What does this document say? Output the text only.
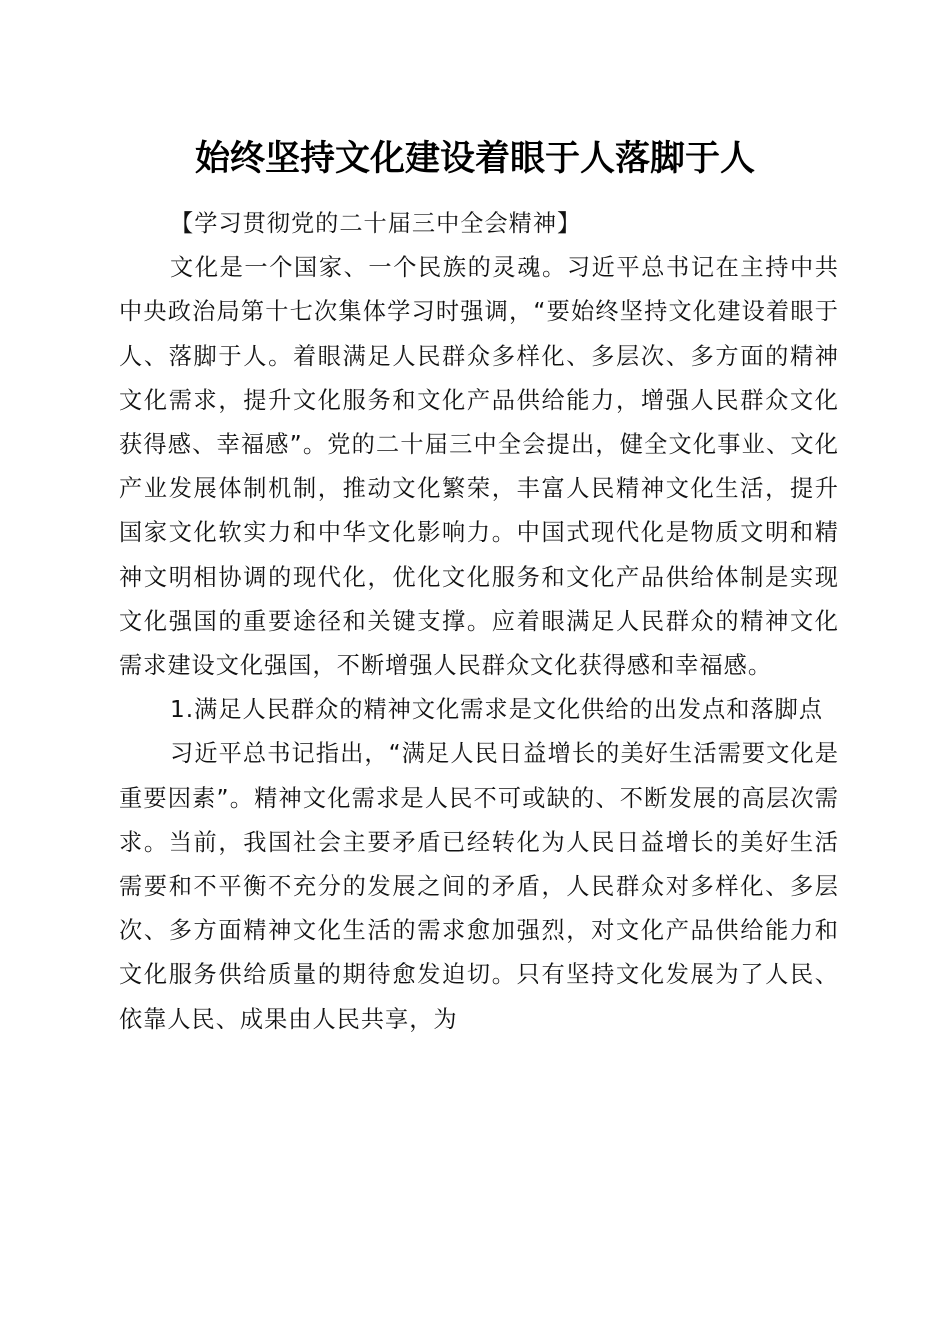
始终坚持文化建设着眼于人落脚于人

【学习贯彻党的二十届三中全会精神】

文化是一个国家、一个民族的灵魂。习近平总书记在主持中共中央政治局第十七次集体学习时强调，“要始终坚持文化建设着眼于人、落脚于人。着眼满足人民群众多样化、多层次、多方面的精神文化需求，提升文化服务和文化产品供给能力，增强人民群众文化获得感、幸福感”。党的二十届三中全会提出，健全文化事业、文化产业发展体制机制，推动文化繁荣，丰富人民精神文化生活，提升国家文化软实力和中华文化影响力。中国式现代化是物质文明和精神文明相协调的现代化，优化文化服务和文化产品供给体制是实现文化强国的重要途径和关键支撑。应着眼满足人民群众的精神文化需求建设文化强国，不断增强人民群众文化获得感和幸福感。

1.满足人民群众的精神文化需求是文化供给的出发点和落脚点

习近平总书记指出，“满足人民日益增长的美好生活需要文化是重要因素”。精神文化需求是人民不可或缺的、不断发展的高层次需求。当前，我国社会主要矛盾已经转化为人民日益增长的美好生活需要和不平衡不充分的发展之间的矛盾，人民群众对多样化、多层次、多方面精神文化生活的需求愈加强烈，对文化产品供给能力和文化服务供给质量的期待愈发迫切。只有坚持文化发展为了人民、依靠人民、成果由人民共享，为
